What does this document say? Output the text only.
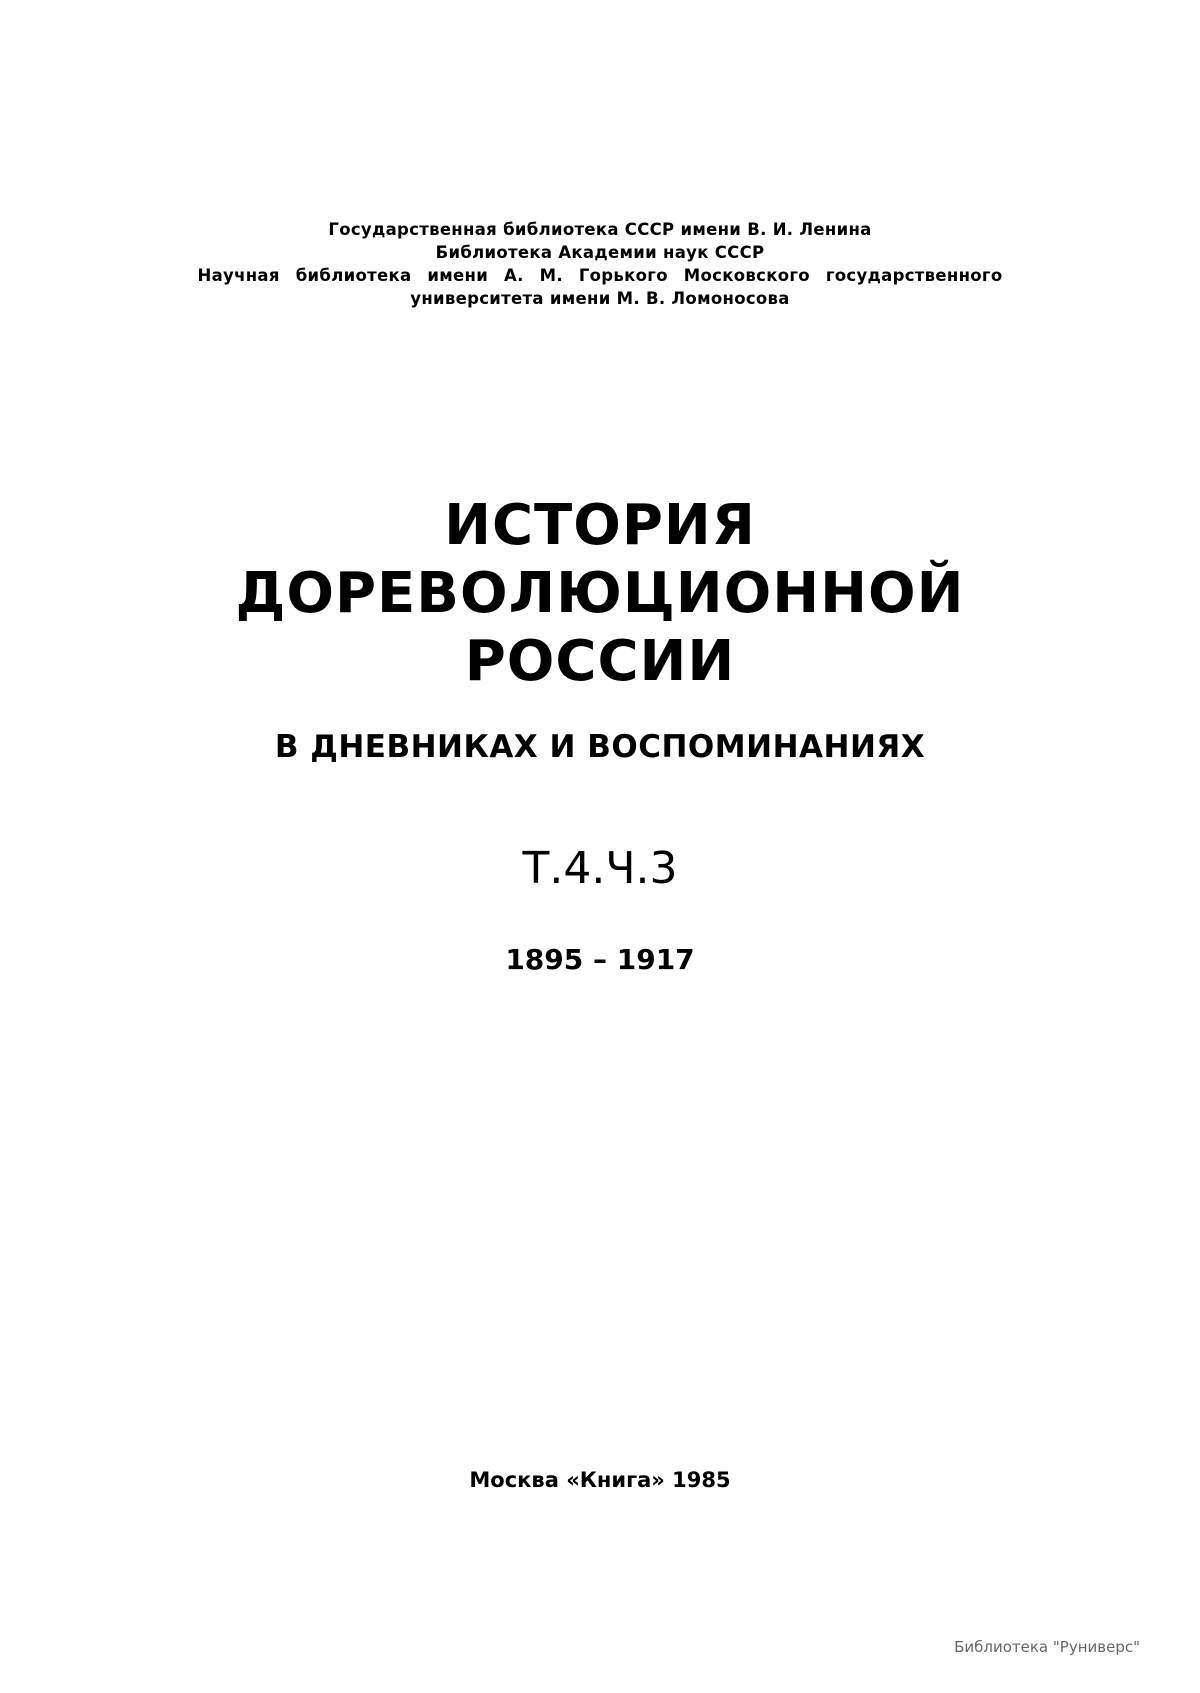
Государственная библиотека СССР имени В. И. Ленина
Библиотека Академии наук СССР
Научная библиотека имени А. М. Горького Московского государственного
университета имени М. В. Ломоносова
ИСТОРИЯ
ДОРЕВОЛЮЦИОННОЙ
РОССИИ
В ДНЕВНИКАХ И ВОСПОМИНАНИЯХ
Т.4.Ч.3
1895 – 1917
Москва «Книга» 1985
Библиотека "Руниверс"
